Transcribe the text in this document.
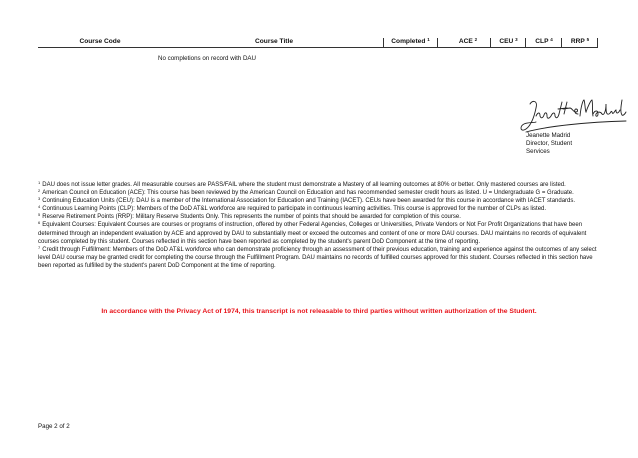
Course Code	Course Title	Completed $^1$	ACE $^2$	CEU $^3$	CLP $^4$	RRP $^5$
No completions on record with DAU
Jeanette Madrid
Director, Student
Services
$^1$ DAU does not issue letter grades. All measurable courses are PASS/FAIL where the student must demonstrate a Mastery of all learning outcomes at 80% or better. Only mastered courses are listed.
$^2$ American Council on Education (ACE): This course has been reviewed by the American Council on Education and has recommended semester credit hours as listed. U = Undergraduate G = Graduate.
$^3$ Continuing Education Units (CEU): DAU is a member of the International Association for Education and Training (IACET). CEUs have been awarded for this course in accordance with IACET standards.
$^4$ Continuous Learning Points (CLP): Members of the DoD AT&L workforce are required to participate in continuous learning activities. This course is approved for the number of CLPs as listed.
$^5$ Reserve Retirement Points (RRP): Military Reserve Students Only. This represents the number of points that should be awarded for completion of this course.
$^6$ Equivalent Courses: Equivalent Courses are courses or programs of instruction, offered by other Federal Agencies, Colleges or Universities, Private Vendors or Not For Profit Organizations that have been determined through an independent evaluation by ACE and approved by DAU to substantially meet or exceed the outcomes and content of one or more DAU courses. DAU maintains no records of equivalent courses completed by this student. Courses reflected in this section have been reported as completed by the student's parent DoD Component at the time of reporting.
$^7$ Credit through Fulfillment: Members of the DoD AT&L workforce who can demonstrate proficiency through an assessment of their previous education, training and experience against the outcomes of any select level DAU course may be granted credit for completing the course through the Fulfillment Program. DAU maintains no records of fulfilled courses approved for this student. Courses reflected in this section have been reported as fulfilled by the student's parent DoD Component at the time of reporting.
In accordance with the Privacy Act of 1974, this transcript is not releasable to third parties without written authorization of the Student.
Page 2 of 2
